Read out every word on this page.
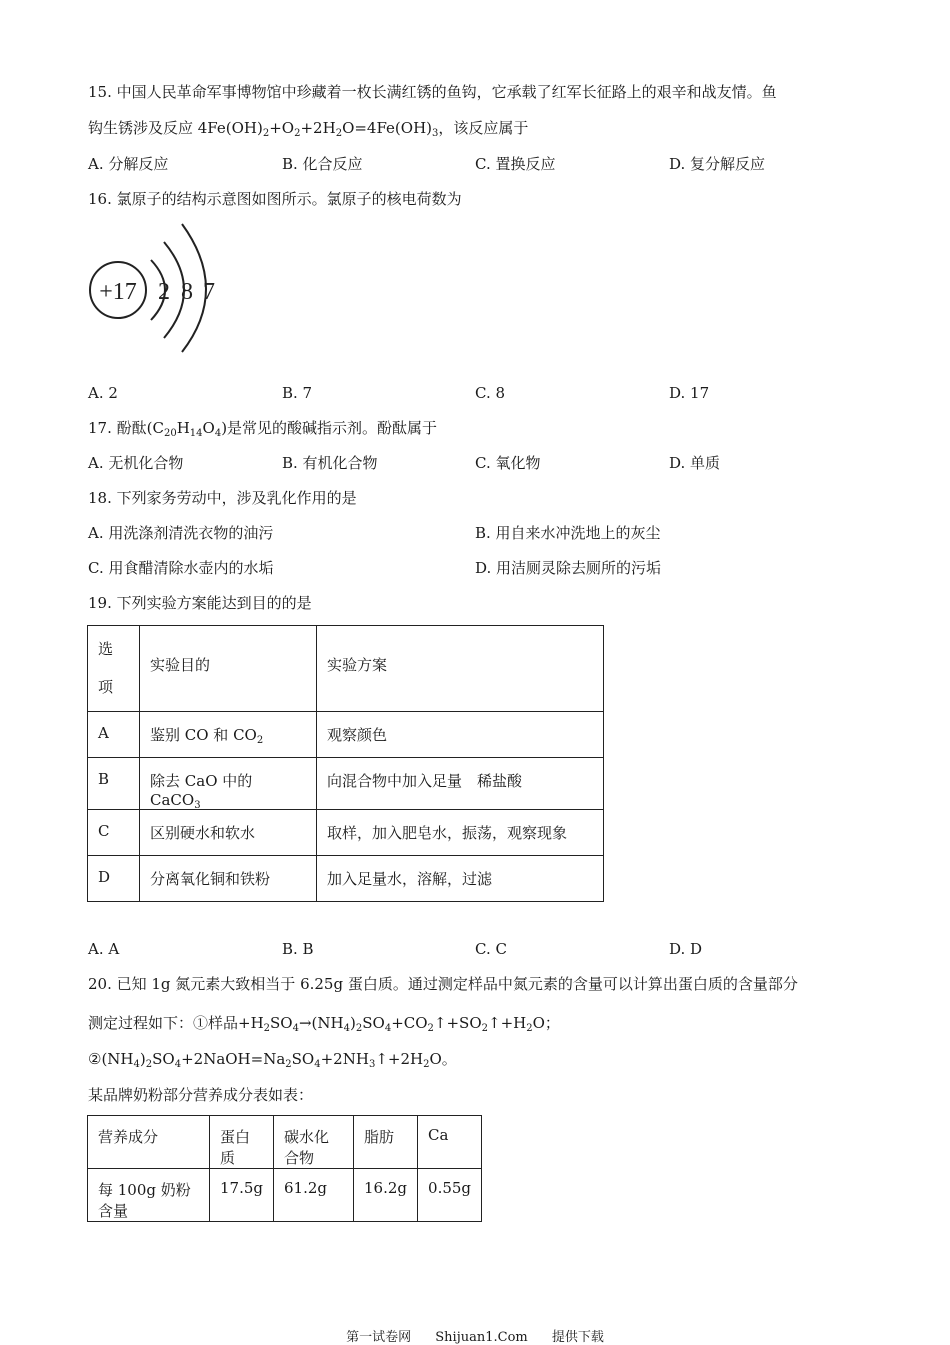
15. 中国人民革命军事博物馆中珍藏着一枚长满红锈的鱼钩，它承载了红军长征路上的艰辛和战友情。鱼
钩生锈涉及反应 $4Fe(OH)_2+O_2+2H_2O=4Fe(OH)_3$，该反应属于
A. 分解反应	B. 化合反应	C. 置换反应	D. 复分解反应
16. 氯原子的结构示意图如图所示。氯原子的核电荷数为
+17 2 8 7
A. 2	B. 7	C. 8	D. 17
17. 酚酞$(C_{20}H_{14}O_4)$是常见的酸碱指示剂。酚酞属于
A. 无机化合物	B. 有机化合物	C. 氧化物	D. 单质
18. 下列家务劳动中，涉及乳化作用的是
A. 用洗涤剂清洗衣物的油污	B. 用自来水冲洗地上的灰尘
C. 用食醋清除水壶内的水垢	D. 用洁厕灵除去厕所的污垢
19. 下列实验方案能达到目的的是
选
项	实验目的	实验方案
A	鉴别 CO 和 $CO_2$	观察颜色
B	除去 CaO 中的 CaCO$_3$	向混合物中加入足量　稀盐酸
C	区别硬水和软水	取样，加入肥皂水，振荡，观察现象
D	分离氧化铜和铁粉	加入足量水，溶解，过滤
A. A	B. B	C. C	D. D
20. 已知 1g 氮元素大致相当于 6.25g 蛋白质。通过测定样品中氮元素的含量可以计算出蛋白质的含量部分
测定过程如下：①样品$+H_2SO_4\to(NH_4)_2SO_4+CO_2↑+SO_2↑+H_2O$；
$②(NH_4)_2SO_4+2NaOH=Na_2SO_4+2NH_3↑+2H_2O$。
某品牌奶粉部分营养成分表如表：
营养成分	蛋白质	碳水化合物	脂肪	Ca
每 100g 奶粉含量	17.5g	61.2g	16.2g	0.55g
第一试卷网 Shijuan1.Com 提供下载
